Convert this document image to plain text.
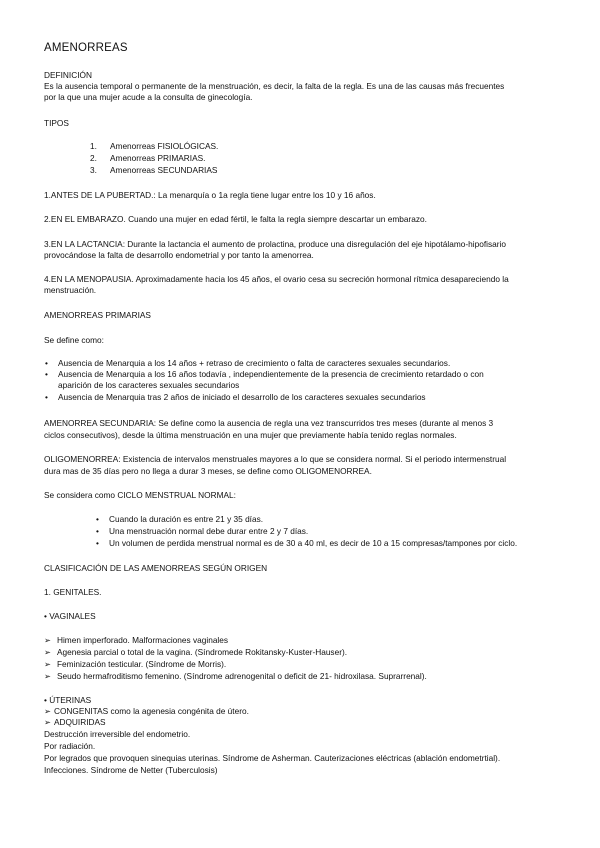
AMENORREAS
DEFINICIÓN
Es la ausencia temporal o permanente de la menstruación, es decir, la falta de la regla. Es una de las causas más frecuentes
por la que una mujer acude a la consulta de ginecología.
TIPOS
1. Amenorreas FISIOLÓGICAS.
2. Amenorreas PRIMARIAS.
3. Amenorreas SECUNDARIAS
1.ANTES DE LA PUBERTAD.: La menarquía o 1a regla tiene lugar entre los 10 y 16 años.
2.EN EL EMBARAZO. Cuando una mujer en edad fértil, le falta la regla siempre descartar un embarazo.
3.EN LA LACTANCIA: Durante la lactancia el aumento de prolactina, produce una disregulación del eje hipotálamo-hipofisario
provocándose la falta de desarrollo endometrial y por tanto la amenorrea.
4.EN LA MENOPAUSIA. Aproximadamente hacia los 45 años, el ovario cesa su secreción hormonal rítmica desapareciendo la
menstruación.
AMENORREAS PRIMARIAS
Se define como:
• Ausencia de Menarquia a los 14 años + retraso de crecimiento o falta de caracteres sexuales secundarios.
• Ausencia de Menarquia a los 16 años todavía , independientemente de la presencia de crecimiento retardado o con
aparición de los caracteres sexuales secundarios
• Ausencia de Menarquia tras 2 años de iniciado el desarrollo de los caracteres sexuales secundarios
AMENORREA SECUNDARIA: Se define como la ausencia de regla una vez transcurridos tres meses (durante al menos 3
ciclos consecutivos), desde la última menstruación en una mujer que previamente había tenido reglas normales.
OLIGOMENORREA: Existencia de intervalos menstruales mayores a lo que se considera normal. Si el periodo intermenstrual
dura mas de 35 días pero no llega a durar 3 meses, se define como OLIGOMENORREA.
Se considera como CICLO MENSTRUAL NORMAL:
• Cuando la duración es entre 21 y 35 días.
• Una menstruación normal debe durar entre 2 y 7 días.
• Un volumen de perdida menstrual normal es de 30 a 40 ml, es decir de 10 a 15 compresas/tampones por ciclo.
CLASIFICACIÓN DE LAS AMENORREAS SEGÚN ORIGEN
1. GENITALES.
• VAGINALES
➢ Himen imperforado. Malformaciones vaginales
➢ Agenesia parcial o total de la vagina. (Síndromede Rokitansky-Kuster-Hauser).
➢ Feminización testicular. (Síndrome de Morris).
➢ Seudo hermafroditismo femenino. (Síndrome adrenogenital o deficit de 21- hidroxilasa. Suprarrenal).
• ÚTERINAS
➢ CONGENITAS como la agenesia congénita de útero.
➢ ADQUIRIDAS
Destrucción irreversible del endometrio.
Por radiación.
Por legrados que provoquen sinequias uterinas. Síndrome de Asherman. Cauterizaciones eléctricas (ablación endometrtial).
Infecciones. Síndrome de Netter (Tuberculosis)
